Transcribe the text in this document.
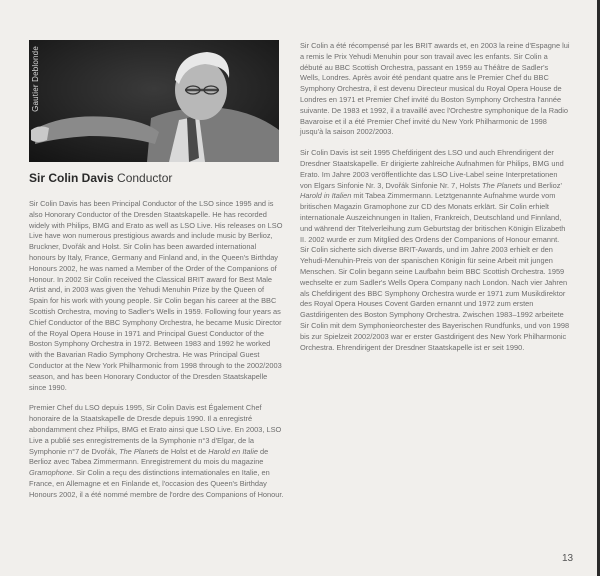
Gautier Deblonde
Sir Colin Davis Conductor

Sir Colin Davis has been Principal Conductor of the LSO since 1995 and is also Honorary Conductor of the Dresden Staatskapelle. He has recorded widely with Philips, BMG and Erato as well as LSO Live. His releases on LSO Live have won numerous prestigious awards and include music by Berlioz, Bruckner, Dvořák and Holst. Sir Colin has been awarded international honours by Italy, France, Germany and Finland and, in the Queen's Birthday Honours 2002, he was named a Member of the Order of the Companions of Honour. In 2002 Sir Colin received the Classical BRIT award for Best Male Artist and, in 2003 was given the Yehudi Menuhin Prize by the Queen of Spain for his work with young people. Sir Colin began his career at the BBC Scottish Orchestra, moving to Sadler's Wells in 1959. Following four years as Chief Conductor of the BBC Symphony Orchestra, he became Music Director of the Royal Opera House in 1971 and Principal Guest Conductor of the Boston Symphony Orchestra in 1972. Between 1983 and 1992 he worked with the Bavarian Radio Symphony Orchestra. He was Principal Guest Conductor at the New York Philharmonic from 1998 through to the 2002/2003 season, and has been Honorary Conductor of the Dresden Staatskapelle since 1990.

Premier Chef du LSO depuis 1995, Sir Colin Davis est Également Chef honoraire de la Staatskapelle de Dresde depuis 1990. Il a enregistré abondamment chez Philips, BMG et Erato ainsi que LSO Live. En 2003, LSO Live a publié ses enregistrements de la Symphonie n°3 d'Elgar, de la Symphonie n°7 de Dvořák, The Planets de Holst et de Harold en Italie de Berlioz avec Tabea Zimmermann. Enregistrement du mois du magazine Gramophone. Sir Colin a reçu des distinctions internationales en Italie, en France, en Allemagne et en Finlande et, l'occasion des Queen's Birthday Honours 2002, il a été nommé membre de l'ordre des Companions of Honour.

Sir Colin a été récompensé par les BRIT awards et, en 2003 la reine d'Espagne lui a remis le Prix Yehudi Menuhin pour son travail avec les enfants. Sir Colin a débuté au BBC Scottish Orchestra, passant en 1959 au Théâtre de Sadler's Wells, Londres. Après avoir été pendant quatre ans le Premier Chef du BBC Symphony Orchestra, il est devenu Directeur musical du Royal Opera House de Londres en 1971 et Premier Chef invité du Boston Symphony Orchestra l'année suivante. De 1983 et 1992, il a travaillé avec l'Orchestre symphonique de la Radio Bavaroise et il a été Premier Chef invité du New York Philharmonic de 1998 jusqu'à la saison 2002/2003.

Sir Colin Davis ist seit 1995 Chefdirigent des LSO und auch Ehrendirigent der Dresdner Staatskapelle. Er dirigierte zahlreiche Aufnahmen für Philips, BMG und Erato. Im Jahre 2003 veröffentlichte das LSO Live-Label seine Interpretationen von Elgars Sinfonie Nr. 3, Dvořák Sinfonie Nr. 7, Holsts The Planets und Berlioz' Harold in Italien mit Tabea Zimmermann. Letztgenannte Aufnahme wurde vom britischen Magazin Gramophone zur CD des Monats erklärt. Sir Colin erhielt internationale Auszeichnungen in Italien, Frankreich, Deutschland und Finnland, und während der Titelverleihung zum Geburtstag der britischen Königin Elizabeth II. 2002 wurde er zum Mitglied des Ordens der Companions of Honour ernannt. Sir Colin sicherte sich diverse BRIT-Awards, und im Jahre 2003 erhielt er den Yehudi-Menuhin-Preis von der spanischen Königin für seine Arbeit mit jungen Menschen. Sir Colin begann seine Laufbahn beim BBC Scottish Orchestra. 1959 wechselte er zum Sadler's Wells Opera Company nach London. Nach vier Jahren als Chefdirigent des BBC Symphony Orchestra wurde er 1971 zum Musikdirektor des Royal Opera Houses Covent Garden ernannt und 1972 zum ersten Gastdirigenten des Boston Symphony Orchestra. Zwischen 1983–1992 arbeitete Sir Colin mit dem Symphonieorchester des Bayerischen Rundfunks, und von 1998 bis zur Spielzeit 2002/2003 war er erster Gastdirigent des New York Philharmonic Orchestra. Ehrendirigent der Dresdner Staatskapelle ist er seit 1990.

13
